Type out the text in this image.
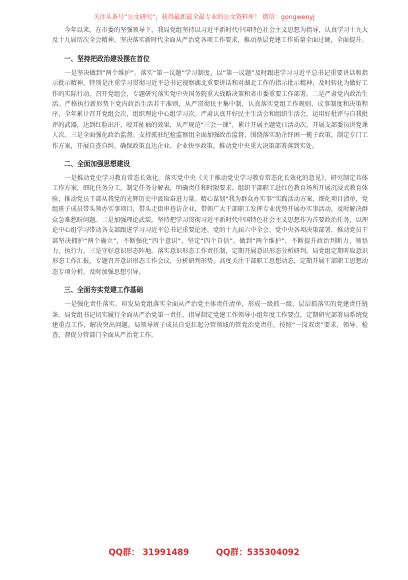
关注头条号“公文研究”，获得最新最全最专业的公文资料库！ 微信：gongwenyj

今年以来，在市委的坚强领导下，我局党组坚持以习近平新时代中国特色社会主义思想为指导，认真学习十九大及十九届历次全会精神，坚决落实新时代全面从严治党各项工作要求，推动基层党建工作质量全面过硬，全面提升。

一、坚持把政治建设摆在首位

一是坚决做到“两个维护”。落实“第一议题”学习制度，以“第一议题”及时跟进学习习近平总书记重要讲话和指示批示精神，特别是注重学习贯彻习近平总书记视察湖北重要讲话和对湖北工作的指示批示精神，及时转化为做好工作的实际行动。召开党组会，专题研究落实党中央国务院重大战略决策和省市委重要工作部署。二是严肃党内政治生活。严格执行新形势下党内政治生活若干准则，从严贯彻民主集中制，认真落实党组工作规则、议事制度和决策程序，全年累计召开党组会次，组织理论中心组学习次。严肃认真开好民主生活会和组织生活会，运用好批评与自我批评的武器，达到红脸出汗、咬耳扯袖的效果，从严规范“三会一课”，累计开展主题党日活动次，开展支部委员讲党课人次。三是全面强化政治监督。支持派驻纪检监察组全面加强政治监督，围绕落实助企纾困一揽子政策，制定专门工作方案，开展自查自纠，确保政策直达企业、企业快享政策，推动党中央重大决策部署落到实处。

二、全面加强思想建设

一是推动党史学习教育常态长效化。落实党中央《关于推动党史学习教育常态化长效化的意见》，研究制定具体工作方案，细化任务分工，制定任务分解表，明确责任和时限要求。组织干部职工赴红色教育场所开展沉浸式教育体验，推动党员干部从我党的光辉历史中汲取奋进力量。精心谋划“我为群众办实事”实践活动方案，细化项目清单，党组班子成员带头领办实事项目，带头走街串巷访企业，带领广大干部职工发挥专业优势开展办实事活动，及时解决群众急难愁盼问题。二是加强理论武装。坚持把学习贯彻习近平新时代中国特色社会主义思想作为首要政治任务，以理论中心组学习带动各支部跟进学习习近平总书记重要论述、党的十九届六中全会、党中央各项决策部署，推动党员干部坚决拥护“两个确立”，不断强化“四个意识”，坚定“四个自信”，做到“两个维护”，不断提升政治判断力、领悟力、执行力。三是守好意识形态阵地。落实意识形态工作责任制，定期开展意识形态分析研判。局党组定期听取意识形态工作汇报，专题召开意识形态工作会议，分析研判形势。高度关注干部职工思想动态，定期开展干部职工思想动态专项分析，及时加强思想引导。

三、全面夯实党建工作基础

一是强化责任落实。印发局党组落实全面从严治党主体责任清单，形成一级抓一级、层层抓落实的党建责任链条。局党组书记切实履行全面从严治党第一责任，指导制定党建工作领导小组年度工作要点，定期研究部署局系统党建重点工作，解决突出问题。局领导班子成员自觉扛起分管领域的管党治党责任，按照“一岗双责”要求，领导、检查、督促分管部门全面从严治党工作。

QQ群： 31991489	QQ群：535304092
